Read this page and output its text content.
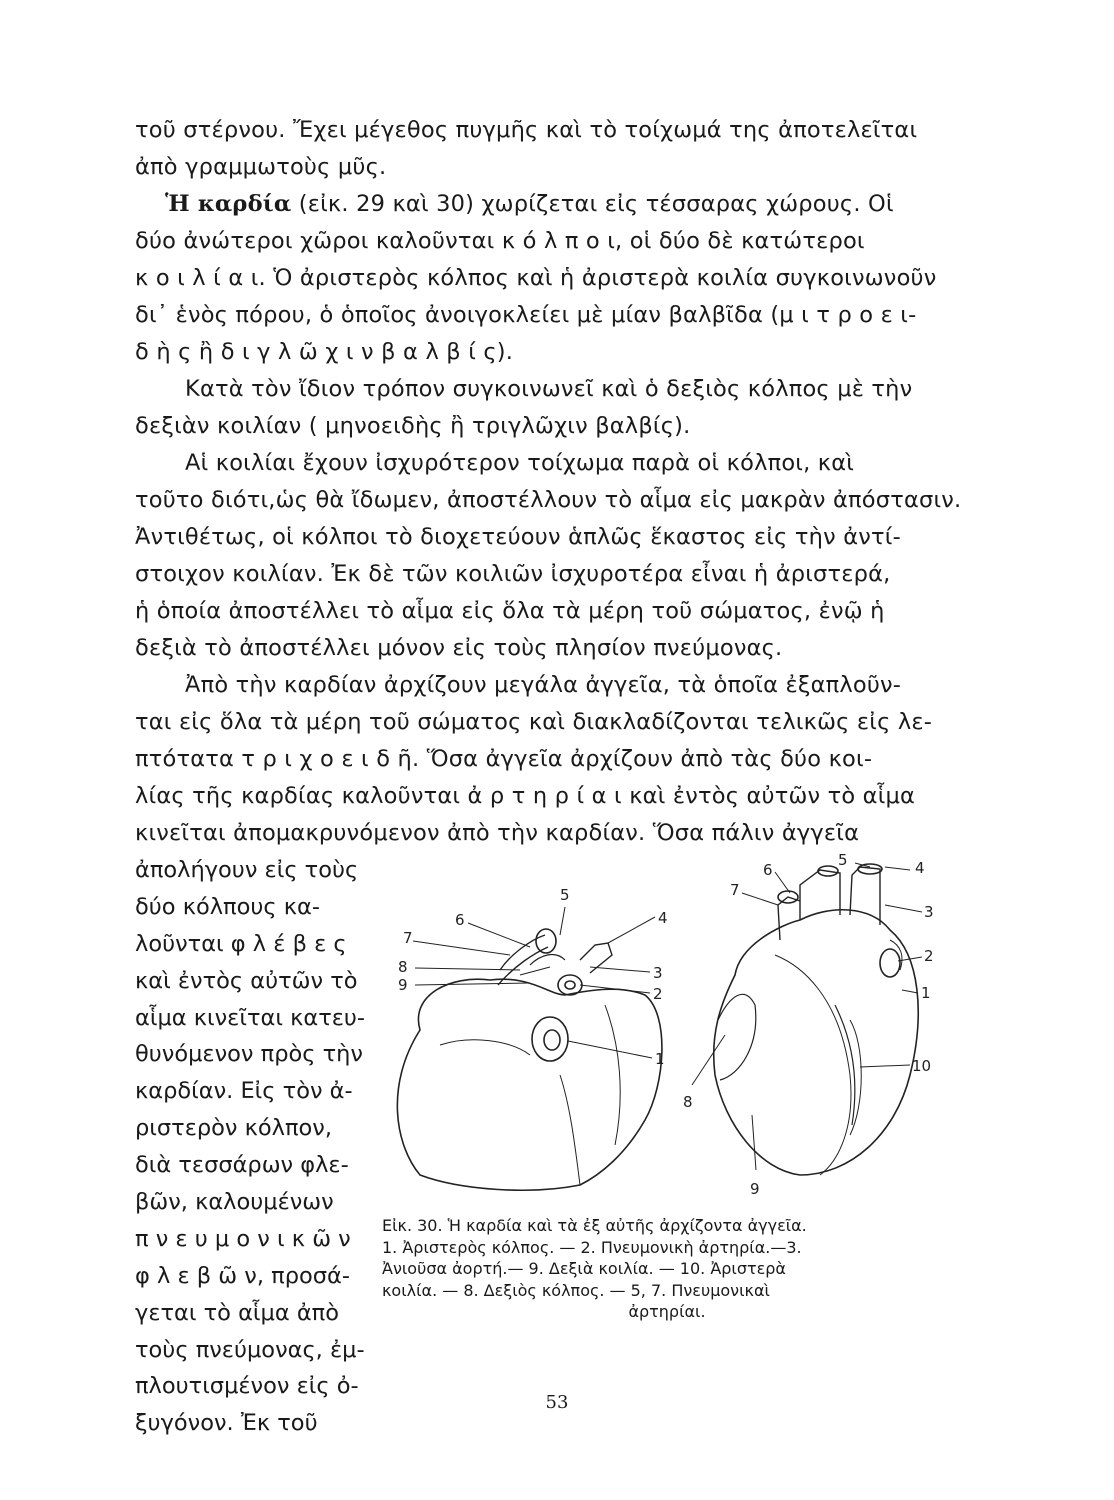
τοῦ στέρνου. Ἔχει μέγεθος πυγμῆς καὶ τὸ τοίχωμά της ἀποτελεῖται
ἀπὸ γραμμωτοὺς μῦς.
Ἡ καρδία (εἰκ. 29 καὶ 30) χωρίζεται εἰς τέσσαρας χώρους. Οἱ
δύο ἀνώτεροι χῶροι καλοῦνται κ ό λ π ο ι, οἱ δύο δὲ κατώτεροι
κ ο ι λ ί α ι. Ὁ ἀριστερὸς κόλπος καὶ ἡ ἀριστερὰ κοιλία συγκοινωνοῦν
δι᾽ ἑνὸς πόρου, ὁ ὁποῖος ἀνοιγοκλείει μὲ μίαν βαλβῖδα (μ ι τ ρ ο ε ι-
δ ὴ ς ἢ δ ι γ λ ῶ χ ι ν β α λ β ί ς).
Κατὰ τὸν ἴδιον τρόπον συγκοινωνεῖ καὶ ὁ δεξιὸς κόλπος μὲ τὴν
δεξιὰν κοιλίαν ( μηνοειδὴς ἢ τριγλῶχιν βαλβίς).
Αἱ κοιλίαι ἔχουν ἰσχυρότερον τοίχωμα παρὰ οἱ κόλποι, καὶ
τοῦτο διότι,ὡς θὰ ἴδωμεν, ἀποστέλλουν τὸ αἷμα εἰς μακρὰν ἀπόστασιν.
Ἀντιθέτως, οἱ κόλποι τὸ διοχετεύουν ἁπλῶς ἕκαστος εἰς τὴν ἀντί-
στοιχον κοιλίαν. Ἐκ δὲ τῶν κοιλιῶν ἰσχυροτέρα εἶναι ἡ ἀριστερά,
ἡ ὁποία ἀποστέλλει τὸ αἷμα εἰς ὅλα τὰ μέρη τοῦ σώματος, ἐνῷ ἡ
δεξιὰ τὸ ἀποστέλλει μόνον εἰς τοὺς πλησίον πνεύμονας.
Ἀπὸ τὴν καρδίαν ἀρχίζουν μεγάλα ἀγγεῖα, τὰ ὁποῖα ἐξαπλοῦν-
ται εἰς ὅλα τὰ μέρη τοῦ σώματος καὶ διακλαδίζονται τελικῶς εἰς λε-
πτότατα τ ρ ι χ ο ε ι δ ῆ. Ὅσα ἀγγεῖα ἀρχίζουν ἀπὸ τὰς δύο κοι-
λίας τῆς καρδίας καλοῦνται ἀ ρ τ η ρ ί α ι καὶ ἐντὸς αὐτῶν τὸ αἷμα
κινεῖται ἀπομακρυνόμενον ἀπὸ τὴν καρδίαν. Ὅσα πάλιν ἀγγεῖα
ἀπολήγουν εἰς τοὺς
δύο κόλπους κα-
λοῦνται φ λ έ β ε ς
καὶ ἐντὸς αὐτῶν τὸ
αἷμα κινεῖται κατευ-
θυνόμενον πρὸς τὴν
καρδίαν. Εἰς τὸν ἀ-
ριστερὸν κόλπον,
διὰ τεσσάρων φλε-
βῶν, καλουμένων
π ν ε υ μ ο ν ι κ ῶ ν
φ λ ε β ῶ ν, προσά-
γεται τὸ αἷμα ἀπὸ
τοὺς πνεύμονας, ἐμ-
πλουτισμένον εἰς ὀ-
ξυγόνον. Ἐκ τοῦ
5
6	4
7
8	3
9	2
1
6
5	4
7
3
2
1
10
8
9
Εἰκ. 30. Ἡ καρδία καὶ τὰ ἐξ αὐτῆς ἀρχίζοντα ἀγγεῖα.
1. Ἀριστερὸς κόλπος. — 2. Πνευμονικὴ ἀρτηρία.—3.
Ἀνιοῦσα ἀορτή.— 9. Δεξιὰ κοιλία. — 10. Ἀριστερὰ
κοιλία. — 8. Δεξιὸς κόλπος. — 5, 7. Πνευμονικαὶ
ἀρτηρίαι.
53
